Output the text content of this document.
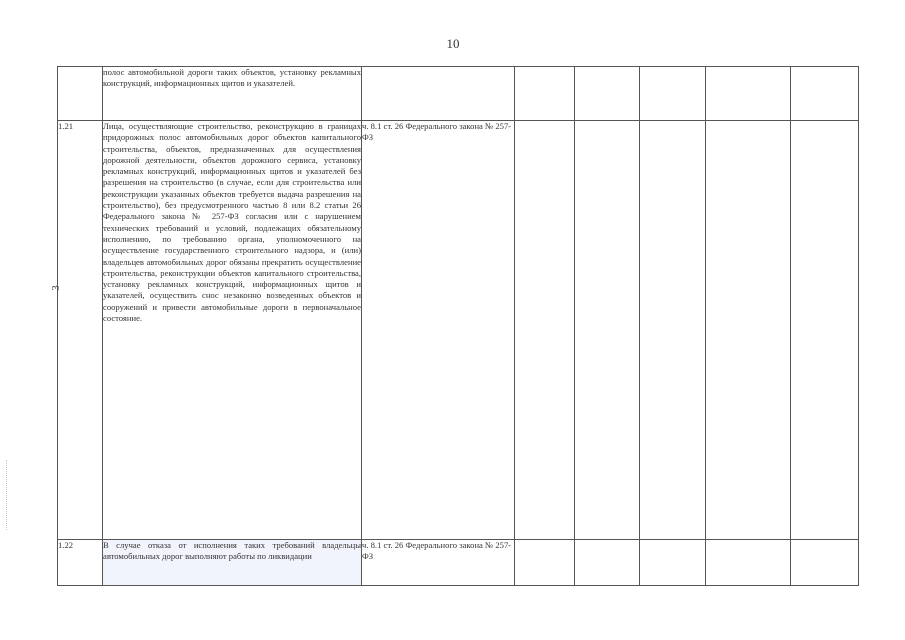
10
3
	полос автомобильной дороги таких объектов, установку рекламных конструкций, информационных щитов и указателей.						
1.21	Лица, осуществляющие строительство, реконструкцию в границах придорожных полос автомобильных дорог объектов капитального строительства, объектов, предназначенных для осуществления дорожной деятельности, объектов дорожного сервиса, установку рекламных конструкций, информационных щитов и указателей без разрешения на строительство (в случае, если для строительства или реконструкции указанных объектов требуется выдача разрешения на строительство), без предусмотренного частью 8 или 8.2 статьи 26 Федерального закона № 257-ФЗ согласия или с нарушением технических требований и условий, подлежащих обязательному исполнению, по требованию органа, уполномоченного на осуществление государственного строительного надзора, и (или) владельцев автомобильных дорог обязаны прекратить осуществление строительства, реконструкции объектов капитального строительства, установку рекламных конструкций, информационных щитов и указателей, осуществить снос незаконно возведенных объектов и сооружений и привести автомобильные дороги в первоначальное состояние.	ч. 8.1 ст. 26 Федерального закона № 257-ФЗ					
1.22	В случае отказа от исполнения таких требований владельцы автомобильных дорог выполняют работы по ликвидации	ч. 8.1 ст. 26 Федерального закона № 257-ФЗ					
